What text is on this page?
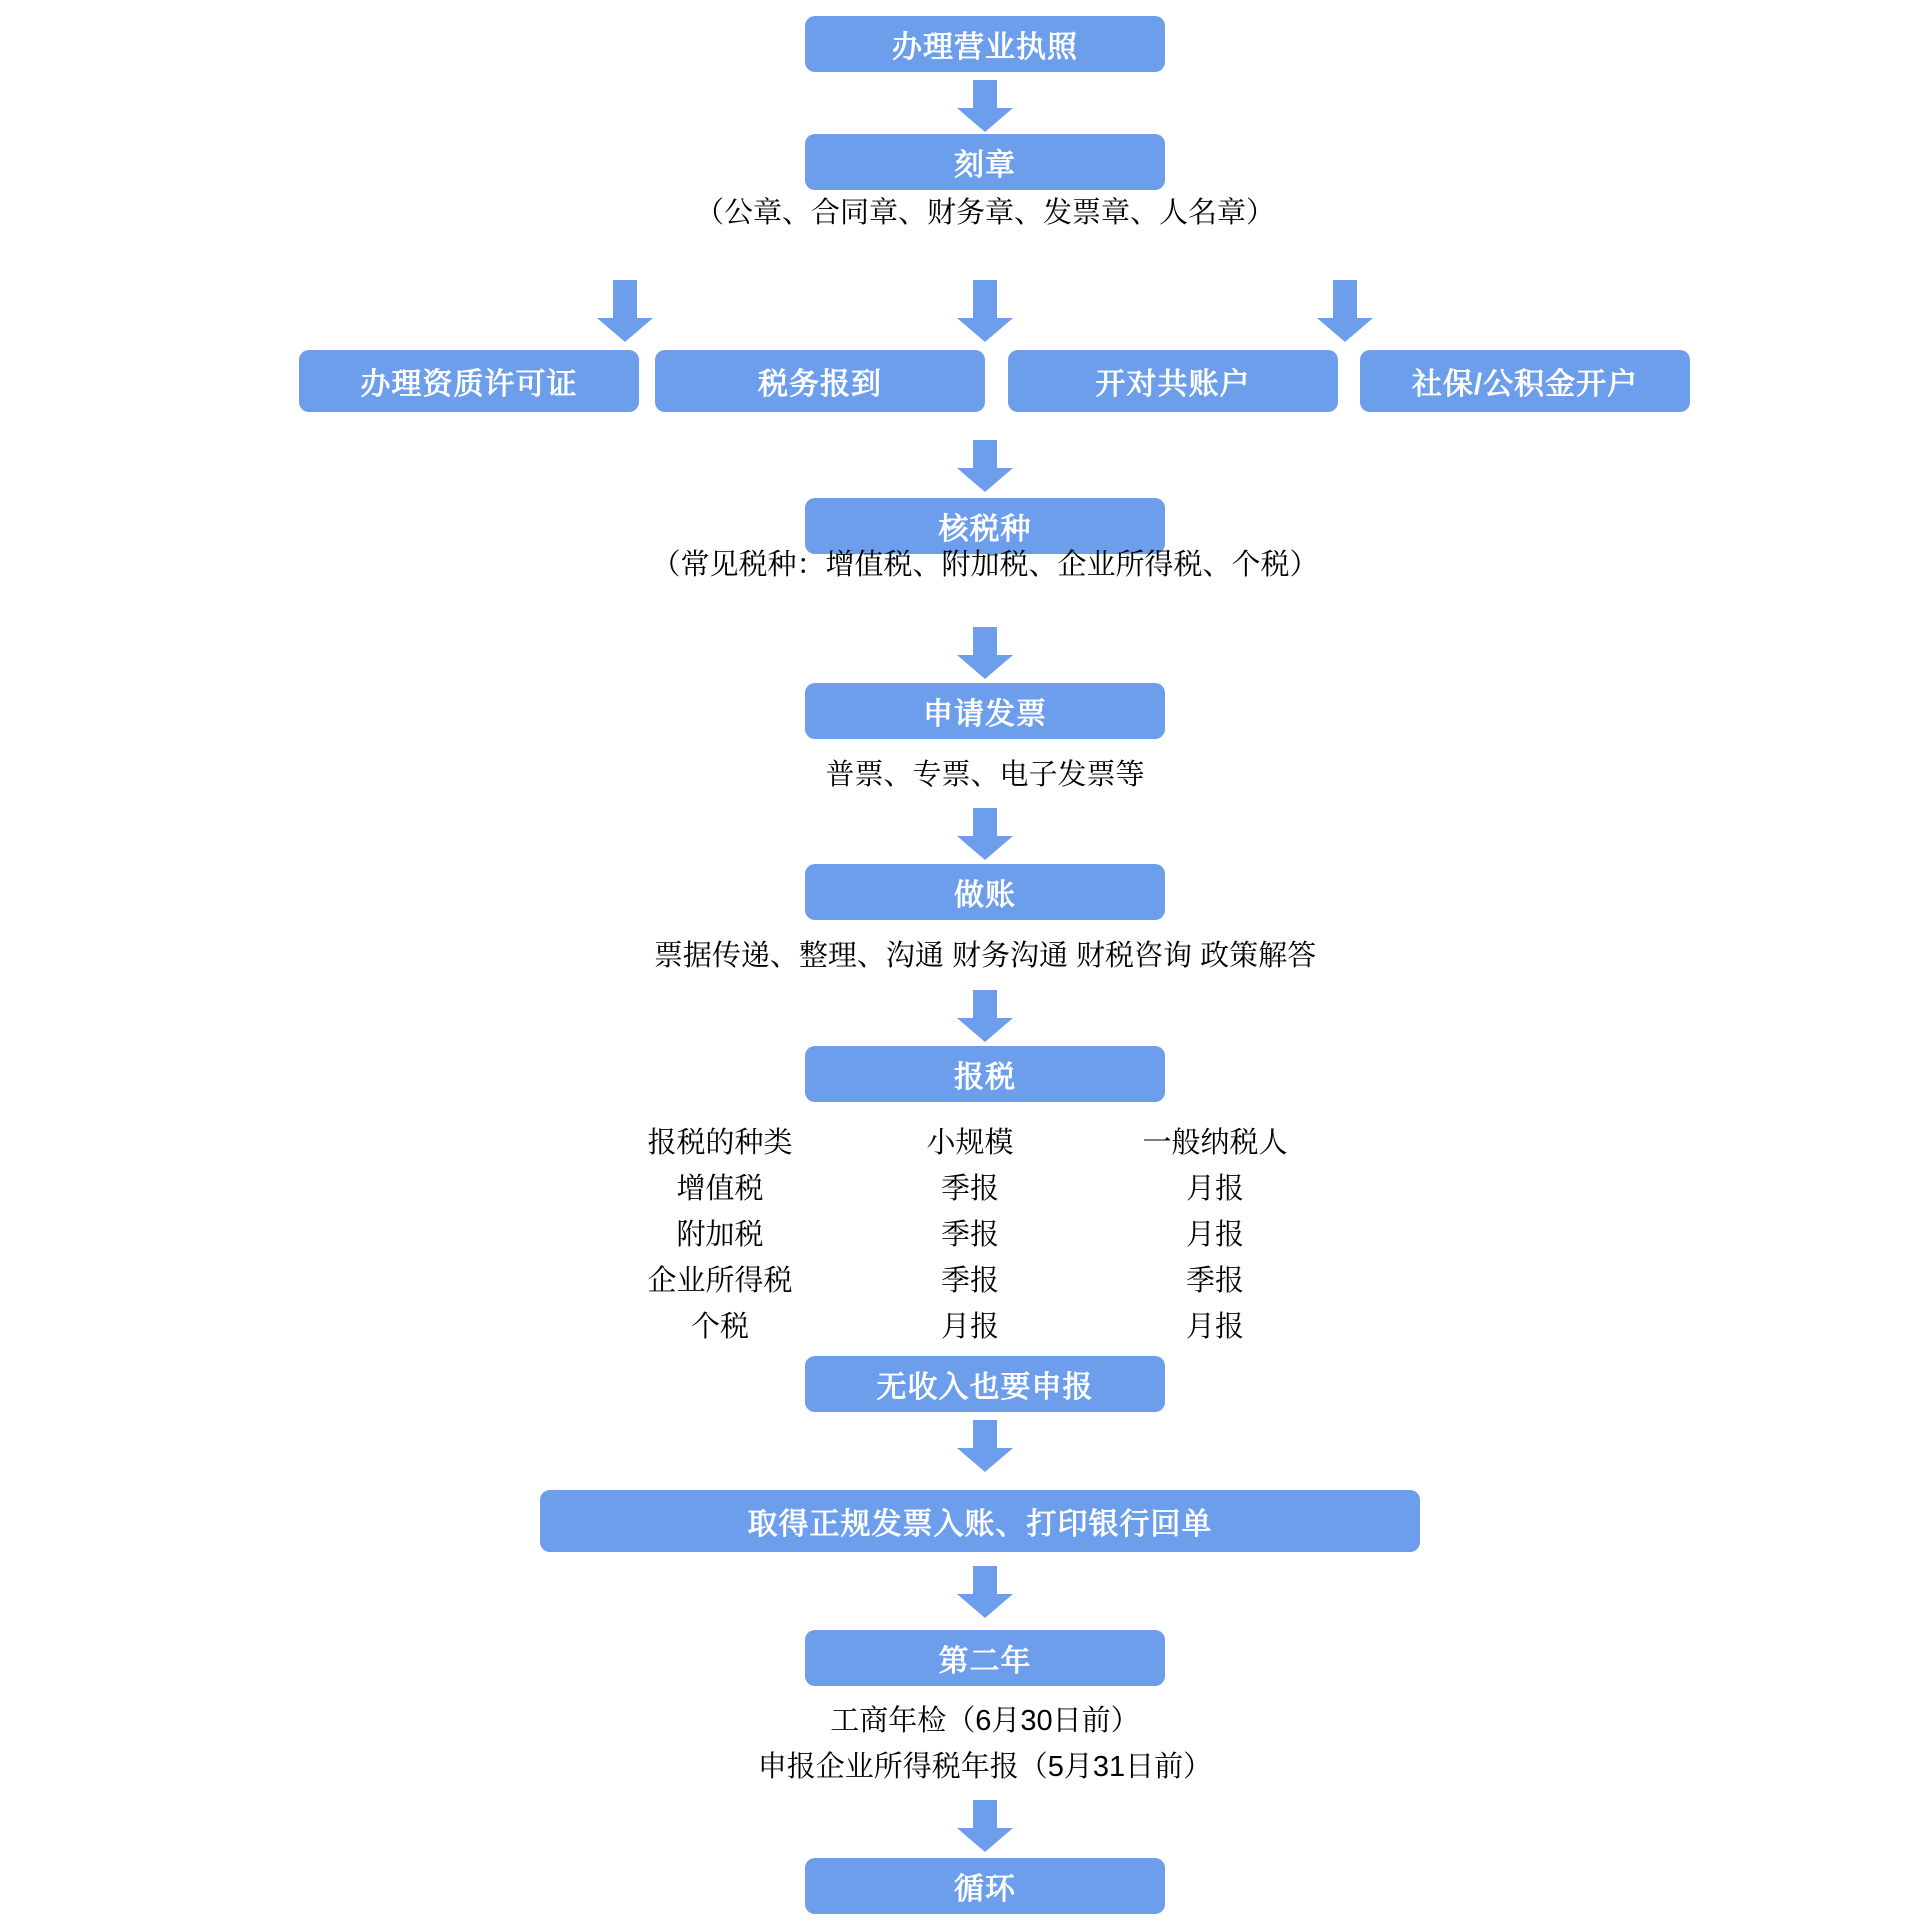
办理营业执照
刻章
（公章、合同章、财务章、发票章、人名章）
办理资质许可证	税务报到	开对共账户	社保/公积金开户
核税种
（常见税种：增值税、附加税、企业所得税、个税）
申请发票
普票、专票、电子发票等
做账
票据传递、整理、沟通 财务沟通 财税咨询 政策解答
报税
报税的种类	小规模	一般纳税人
增值税	季报	月报
附加税	季报	月报
企业所得税	季报	季报
个税	月报	月报
无收入也要申报
取得正规发票入账、打印银行回单
第二年
工商年检（6月30日前）
申报企业所得税年报（5月31日前）
循环
